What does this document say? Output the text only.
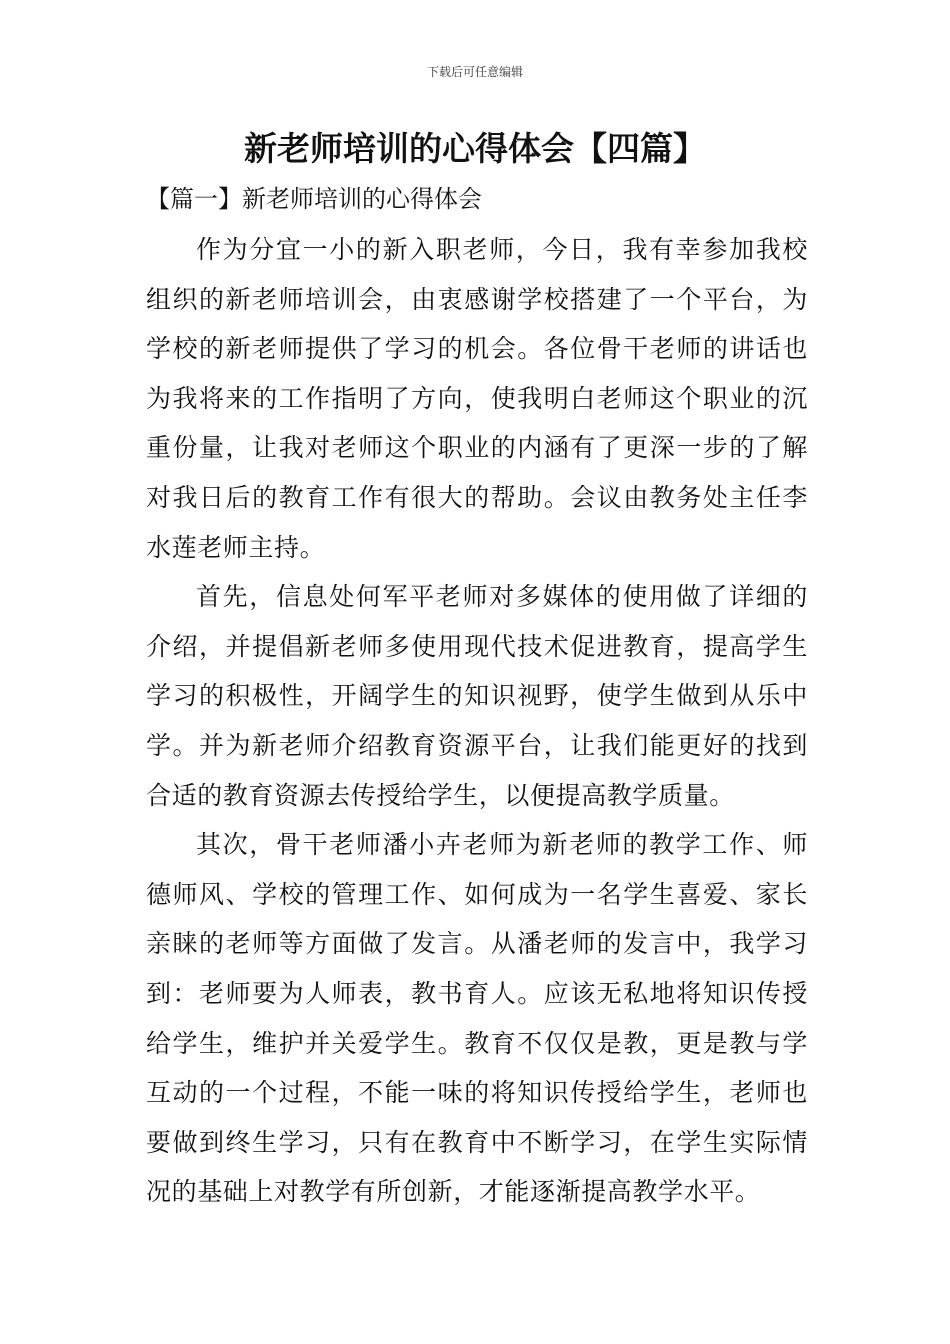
下载后可任意编辑
新老师培训的心得体会【四篇】
【篇一】新老师培训的心得体会

作为分宜一小的新入职老师，今日，我有幸参加我校组织的新老师培训会，由衷感谢学校搭建了一个平台，为学校的新老师提供了学习的机会。各位骨干老师的讲话也为我将来的工作指明了方向，使我明白老师这个职业的沉重份量，让我对老师这个职业的内涵有了更深一步的了解对我日后的教育工作有很大的帮助。会议由教务处主任李水莲老师主持。

首先，信息处何军平老师对多媒体的使用做了详细的介绍，并提倡新老师多使用现代技术促进教育，提高学生学习的积极性，开阔学生的知识视野，使学生做到从乐中学。并为新老师介绍教育资源平台，让我们能更好的找到合适的教育资源去传授给学生，以便提高教学质量。

其次，骨干老师潘小卉老师为新老师的教学工作、师德师风、学校的管理工作、如何成为一名学生喜爱、家长亲睐的老师等方面做了发言。从潘老师的发言中，我学习到：老师要为人师表，教书育人。应该无私地将知识传授给学生，维护并关爱学生。教育不仅仅是教，更是教与学互动的一个过程，不能一味的将知识传授给学生，老师也要做到终生学习，只有在教育中不断学习，在学生实际情况的基础上对教学有所创新，才能逐渐提高教学水平。
